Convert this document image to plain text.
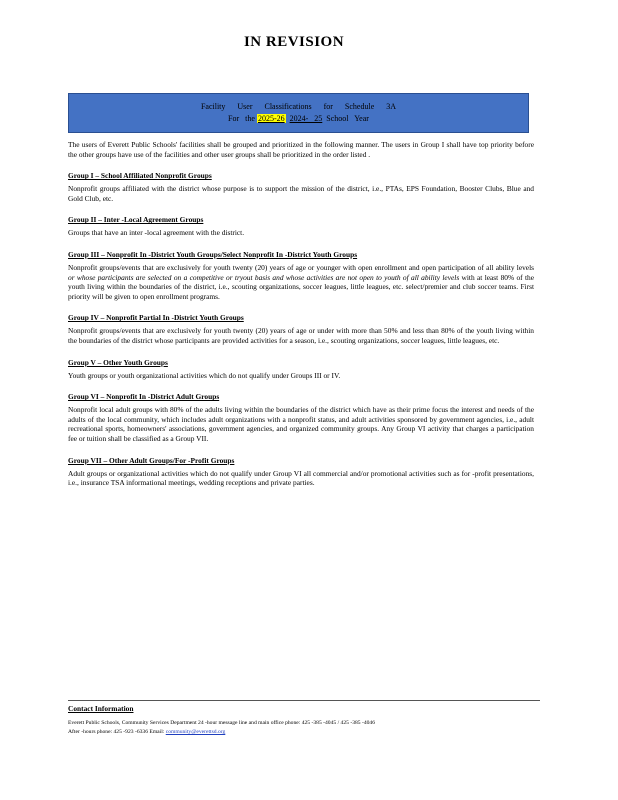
IN REVISION
Facility      User      Classifications      for      Schedule      3A
For   the 2025-26 2024-   25 School   Year

The users of Everett Public Schools' facilities shall be grouped and prioritized in the following manner. The users in Group I shall have top priority before the other groups have use of the facilities and other user groups shall be prioritized in the order listed .

Group I – School Affiliated Nonprofit Groups

Nonprofit groups affiliated with the district whose purpose is to support the mission of the district, i.e., PTAs, EPS Foundation, Booster Clubs, Blue and Gold Club, etc.

Group II – Inter -Local Agreement Groups

Groups that have an inter -local agreement with the district.

Group III – Nonprofit In -District Youth Groups/Select Nonprofit In -District Youth Groups

Nonprofit groups/events that are exclusively for youth twenty (20) years of age or younger with open enrollment and open participation of all ability levels or whose participants are selected on a competitive or tryout basis and whose activities are not open to youth of all ability levels with at least 80% of the youth living within the boundaries of the district, i.e., scouting organizations, soccer leagues, little leagues, etc. select/premier and club soccer teams. First priority will be given to open enrollment programs.

Group IV – Nonprofit Partial In -District Youth Groups

Nonprofit groups/events that are exclusively for youth twenty (20) years of age or under with more than 50% and less than 80% of the youth living within the boundaries of the district whose participants are provided activities for a season, i.e., scouting organizations, soccer leagues, little leagues, etc.

Group V – Other Youth Groups

Youth groups or youth organizational activities which do not qualify under Groups III or IV.

Group VI – Nonprofit In -District Adult Groups

Nonprofit local adult groups with 80% of the adults living within the boundaries of the district which have as their prime focus the interest and needs of the adults of the local community, which includes adult organizations with a nonprofit status, and adult activities sponsored by government agencies, i.e., adult recreational sports, homeowners' associations, government agencies, and organized community groups. Any Group VI activity that charges a participation fee or tuition shall be classified as a Group VII.

Group VII – Other Adult Groups/For -Profit Groups

Adult groups or organizational activities which do not qualify under Group VI all commercial and/or promotional activities such as for -profit presentations, i.e., insurance TSA informational meetings, wedding receptions and private parties.

Contact Information
Everett Public Schools, Community Services Department 24 -hour message line and main office phone: 425 -385 -4045 / 425 -385 -4046
After -hours phone: 425 -923 -6336 Email: community@everettsd.org
